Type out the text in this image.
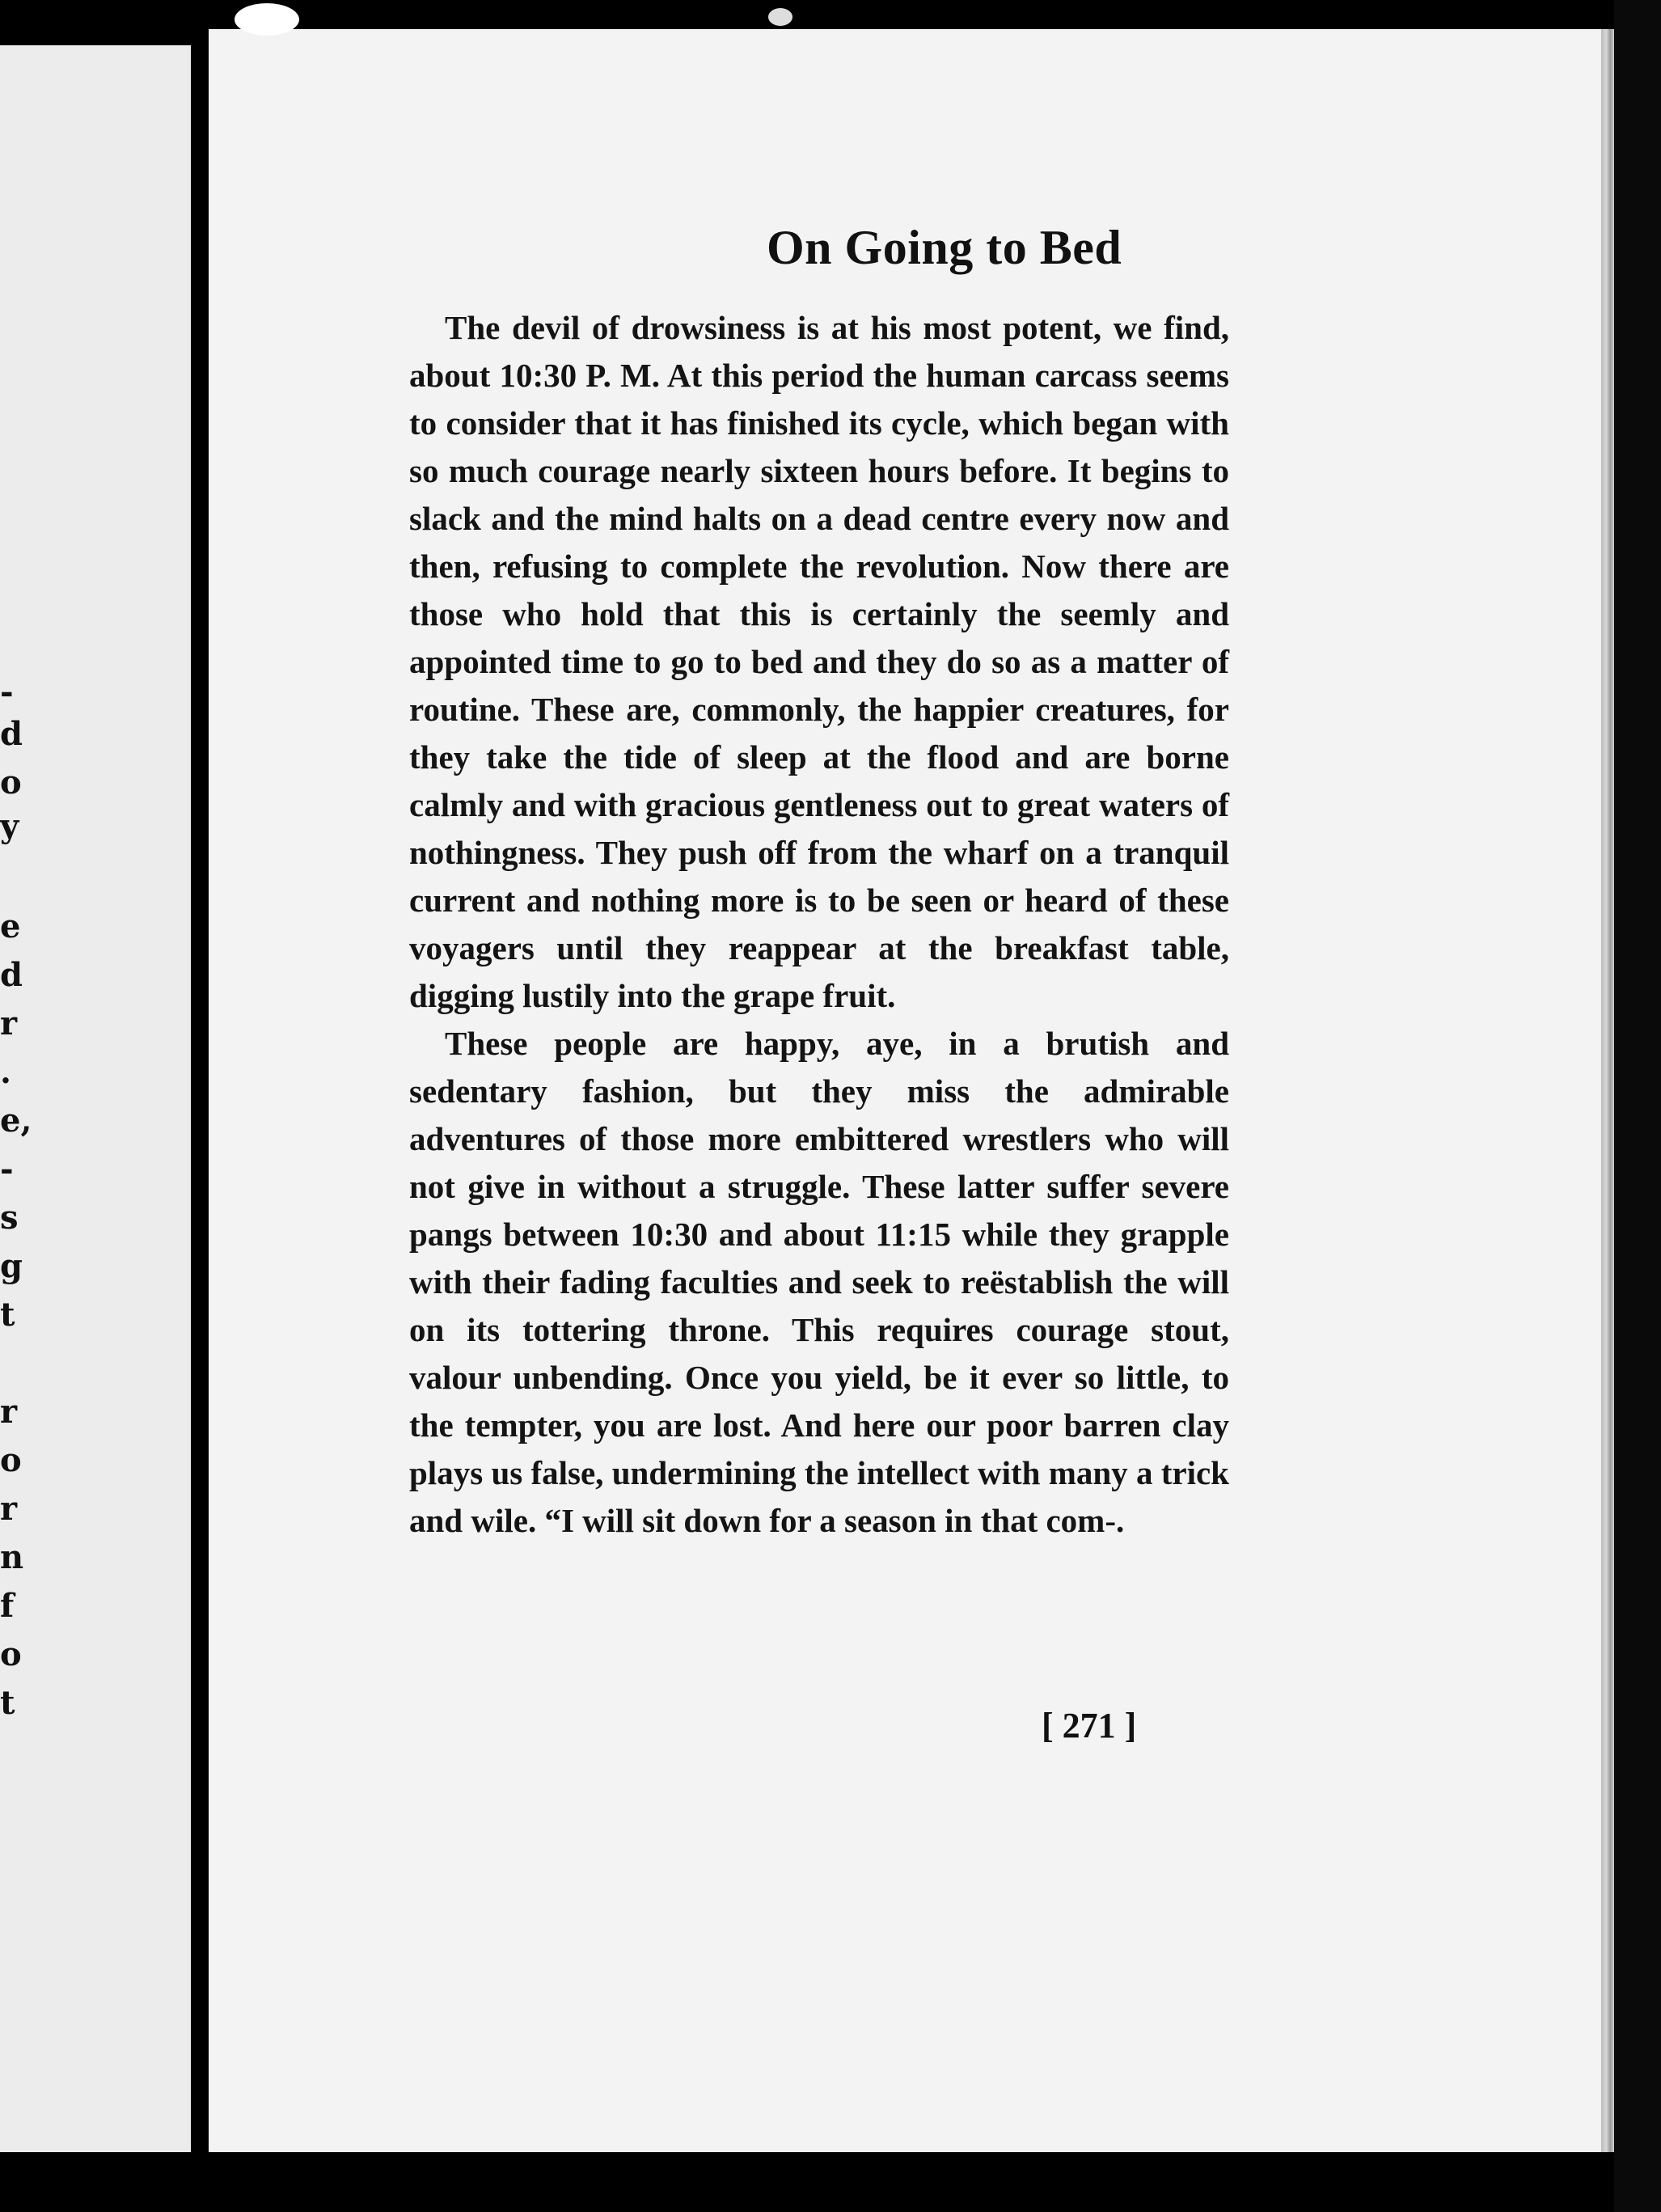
-
d
o
y
e
d
r
.
e,
-
s
g
t
r
o
r
n
f
o
t
On Going to Bed

The devil of drowsiness is at his most potent, we find, about 10:30 P. M. At this period the human carcass seems to consider that it has finished its cycle, which began with so much courage nearly sixteen hours before. It begins to slack and the mind halts on a dead centre every now and then, refusing to complete the revolution. Now there are those who hold that this is certainly the seemly and appointed time to go to bed and they do so as a matter of routine. These are, commonly, the happier creatures, for they take the tide of sleep at the flood and are borne calmly and with gracious gentleness out to great waters of nothingness. They push off from the wharf on a tranquil current and nothing more is to be seen or heard of these voyagers until they reappear at the breakfast table, digging lustily into the grape fruit.

These people are happy, aye, in a brutish and sedentary fashion, but they miss the admirable adventures of those more embittered wrestlers who will not give in without a struggle. These latter suffer severe pangs between 10:30 and about 11:15 while they grapple with their fading faculties and seek to reëstablish the will on its tottering throne. This requires courage stout, valour unbending. Once you yield, be it ever so little, to the tempter, you are lost. And here our poor barren clay plays us false, undermining the intellect with many a trick and wile. “I will sit down for a season in that com-.

[ 271 ]
